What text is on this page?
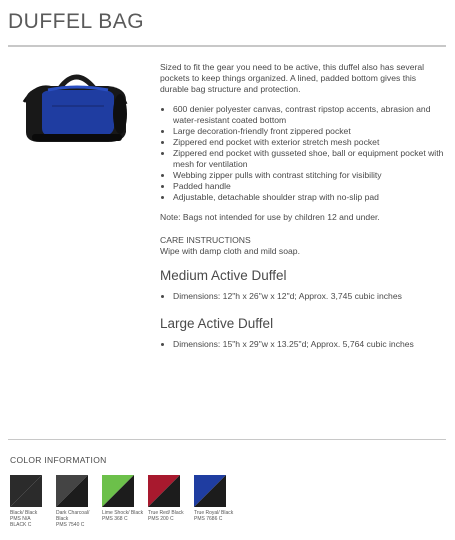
DUFFEL BAG

Sized to fit the gear you need to be active, this duffel also has several pockets to keep things organized. A lined, padded bottom gives this durable bag structure and protection.

• 600 denier polyester canvas, contrast ripstop accents, abrasion and water-resistant coated bottom
• Large decoration-friendly front zippered pocket
• Zippered end pocket with exterior stretch mesh pocket
• Zippered end pocket with gusseted shoe, ball or equipment pocket with mesh for ventilation
• Webbing zipper pulls with contrast stitching for visibility
• Padded handle
• Adjustable, detachable shoulder strap with no-slip pad

Note: Bags not intended for use by children 12 and under.

CARE INSTRUCTIONS

Wipe with damp cloth and mild soap.

Medium Active Duffel
• Dimensions: 12"h x 26"w x 12"d; Approx. 3,745 cubic inches
Large Active Duffel
• Dimensions: 15"h x 29"w x 13.25"d; Approx. 5,764 cubic inches
COLOR INFORMATION
Black/ Black
PMS N/A
BLACK C
Dark Charcoal/ Black
PMS 7540 C
Lime Shock/ Black
PMS 368 C
True Red/ Black
PMS 200 C
True Royal/ Black
PMS 7686 C
